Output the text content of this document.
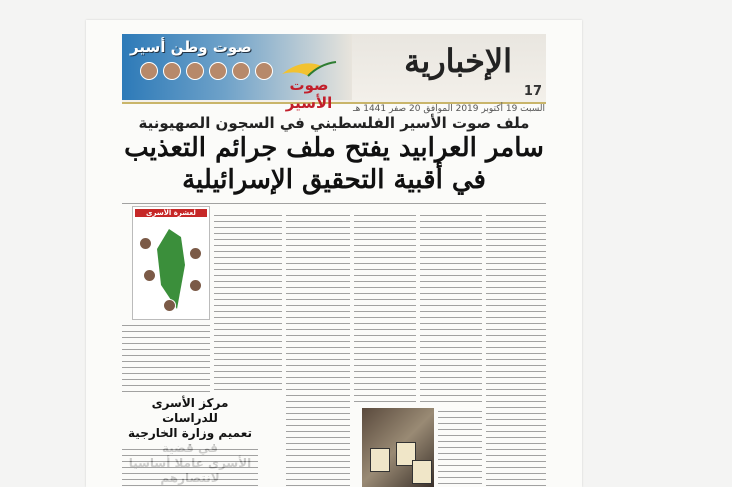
صوت وطن أسير
صوت الأسير
الإخبارية
17
السبت 19 أكتوبر 2019 الموافق 20 صفر 1441 هـ
ملف صوت الأسير الفلسطيني في السجون الصهيونية
سامر العرابيد يفتح ملف جرائم التعذيب
في أقبية التحقيق الإسرائيلية
لعشرة الأسرى
مركز الأسرى للدراسات
تعميم وزارة الخارجية
